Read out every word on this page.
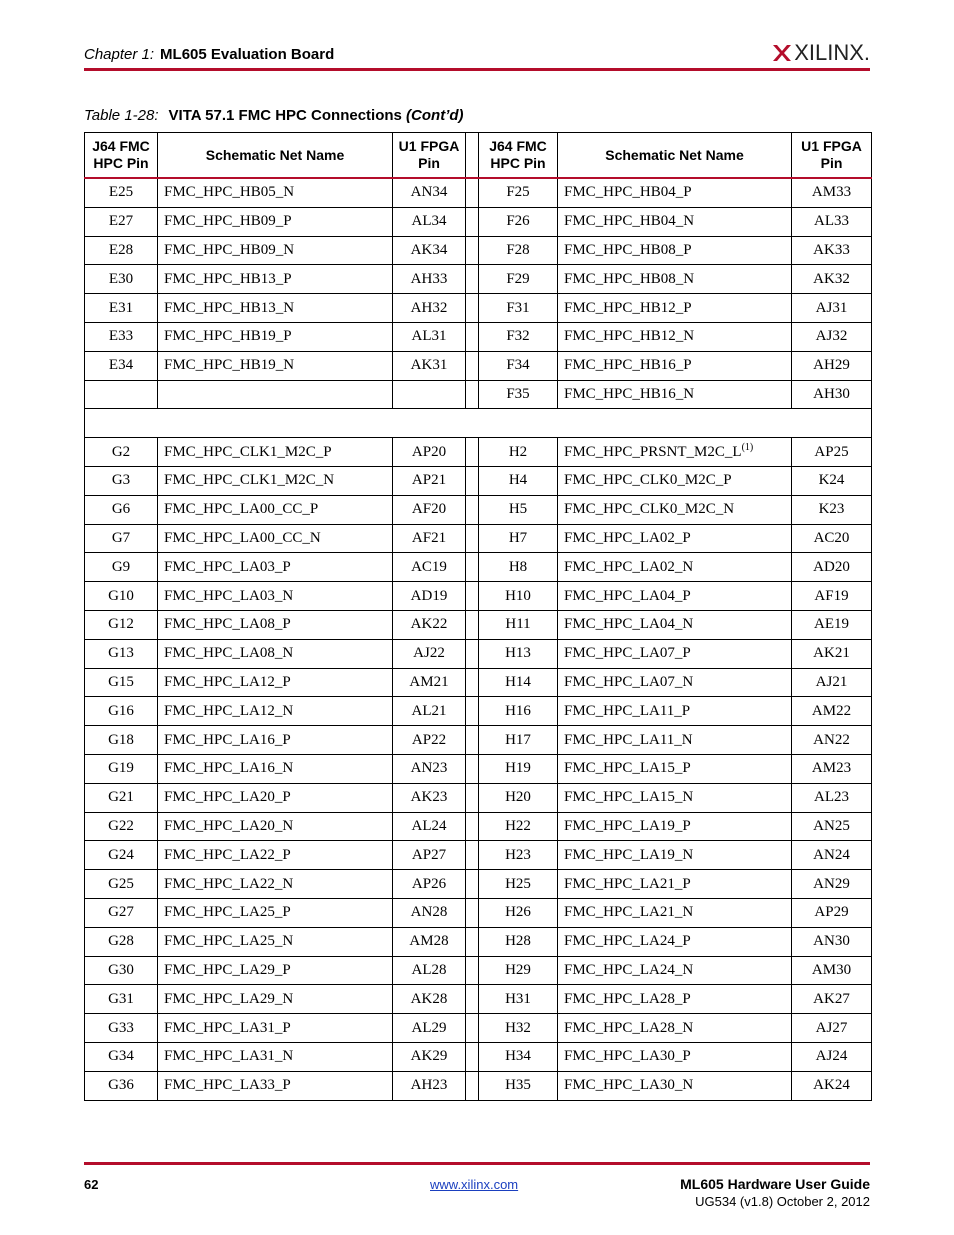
Chapter 1: ML605 Evaluation Board	XILINX.
Table 1-28: VITA 57.1 FMC HPC Connections (Cont’d)
J64 FMC
HPC Pin	Schematic Net Name	U1 FPGA
Pin		J64 FMC
HPC Pin	Schematic Net Name	U1 FPGA
Pin
E25	FMC_HPC_HB05_N	AN34		F25	FMC_HPC_HB04_P	AM33
E27	FMC_HPC_HB09_P	AL34		F26	FMC_HPC_HB04_N	AL33
E28	FMC_HPC_HB09_N	AK34		F28	FMC_HPC_HB08_P	AK33
E30	FMC_HPC_HB13_P	AH33		F29	FMC_HPC_HB08_N	AK32
E31	FMC_HPC_HB13_N	AH32		F31	FMC_HPC_HB12_P	AJ31
E33	FMC_HPC_HB19_P	AL31		F32	FMC_HPC_HB12_N	AJ32
E34	FMC_HPC_HB19_N	AK31		F34	FMC_HPC_HB16_P	AH29
				F35	FMC_HPC_HB16_N	AH30

G2	FMC_HPC_CLK1_M2C_P	AP20		H2	$FMC\_HPC\_PRSNT\_M2C\_L^{(1)}$	AP25
G3	FMC_HPC_CLK1_M2C_N	AP21		H4	FMC_HPC_CLK0_M2C_P	K24
G6	FMC_HPC_LA00_CC_P	AF20		H5	FMC_HPC_CLK0_M2C_N	K23
G7	FMC_HPC_LA00_CC_N	AF21		H7	FMC_HPC_LA02_P	AC20
G9	FMC_HPC_LA03_P	AC19		H8	FMC_HPC_LA02_N	AD20
G10	FMC_HPC_LA03_N	AD19		H10	FMC_HPC_LA04_P	AF19
G12	FMC_HPC_LA08_P	AK22		H11	FMC_HPC_LA04_N	AE19
G13	FMC_HPC_LA08_N	AJ22		H13	FMC_HPC_LA07_P	AK21
G15	FMC_HPC_LA12_P	AM21		H14	FMC_HPC_LA07_N	AJ21
G16	FMC_HPC_LA12_N	AL21		H16	FMC_HPC_LA11_P	AM22
G18	FMC_HPC_LA16_P	AP22		H17	FMC_HPC_LA11_N	AN22
G19	FMC_HPC_LA16_N	AN23		H19	FMC_HPC_LA15_P	AM23
G21	FMC_HPC_LA20_P	AK23		H20	FMC_HPC_LA15_N	AL23
G22	FMC_HPC_LA20_N	AL24		H22	FMC_HPC_LA19_P	AN25
G24	FMC_HPC_LA22_P	AP27		H23	FMC_HPC_LA19_N	AN24
G25	FMC_HPC_LA22_N	AP26		H25	FMC_HPC_LA21_P	AN29
G27	FMC_HPC_LA25_P	AN28		H26	FMC_HPC_LA21_N	AP29
G28	FMC_HPC_LA25_N	AM28		H28	FMC_HPC_LA24_P	AN30
G30	FMC_HPC_LA29_P	AL28		H29	FMC_HPC_LA24_N	AM30
G31	FMC_HPC_LA29_N	AK28		H31	FMC_HPC_LA28_P	AK27
G33	FMC_HPC_LA31_P	AL29		H32	FMC_HPC_LA28_N	AJ27
G34	FMC_HPC_LA31_N	AK29		H34	FMC_HPC_LA30_P	AJ24
G36	FMC_HPC_LA33_P	AH23		H35	FMC_HPC_LA30_N	AK24
62	www.xilinx.com	ML605 Hardware User Guide
UG534 (v1.8) October 2, 2012
